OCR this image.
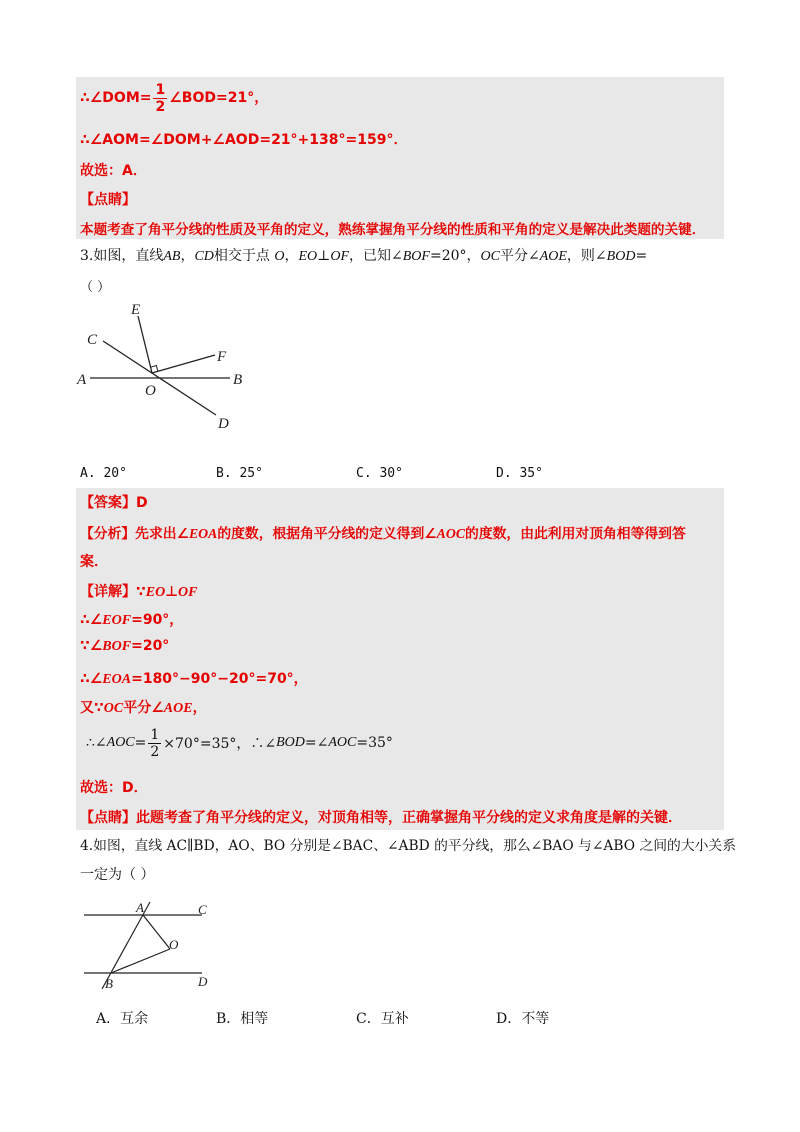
∴∠DOM= $\frac{1}{2}$ ∠BOD=21°，
∴∠AOM=∠DOM+∠AOD=21°+138°=159°．
故选：A．
【点睛】
本题考查了角平分线的性质及平角的定义，熟练掌握角平分线的性质和平角的定义是解决此类题的关键．
3.如图，直线AB，CD相交于点 O，EO⊥OF，已知∠BOF=20°，OC平分∠AOE，则∠BOD=
（ ）
E
C
F
A
O
B
D
A. 20°	B. 25°	C. 30°	D. 35°
【答案】D
【分析】先求出∠EOA的度数，根据角平分线的定义得到∠AOC的度数，由此利用对顶角相等得到答
案．
【详解】∵EO⊥OF
∴∠EOF=90°，
∵∠BOF=20°
∴∠EOA=180°−90°−20°=70°，
又∵OC平分∠AOE，
∴∠ AOC = $\frac{1}{2} \times 70^\circ=35^\circ$，∴∠ BOD =∠ AOC =35°
故选：D．
【点睛】此题考查了角平分线的定义，对顶角相等，正确掌握角平分线的定义求角度是解的关键．
4.如图，直线 AC∥BD，AO、BO 分别是∠BAC、∠ABD 的平分线，那么∠BAO 与∠ABO 之间的大小关系
一定为（ ）
A	C
O
B	D
A．互余	B．相等	C．互补	D．不等
